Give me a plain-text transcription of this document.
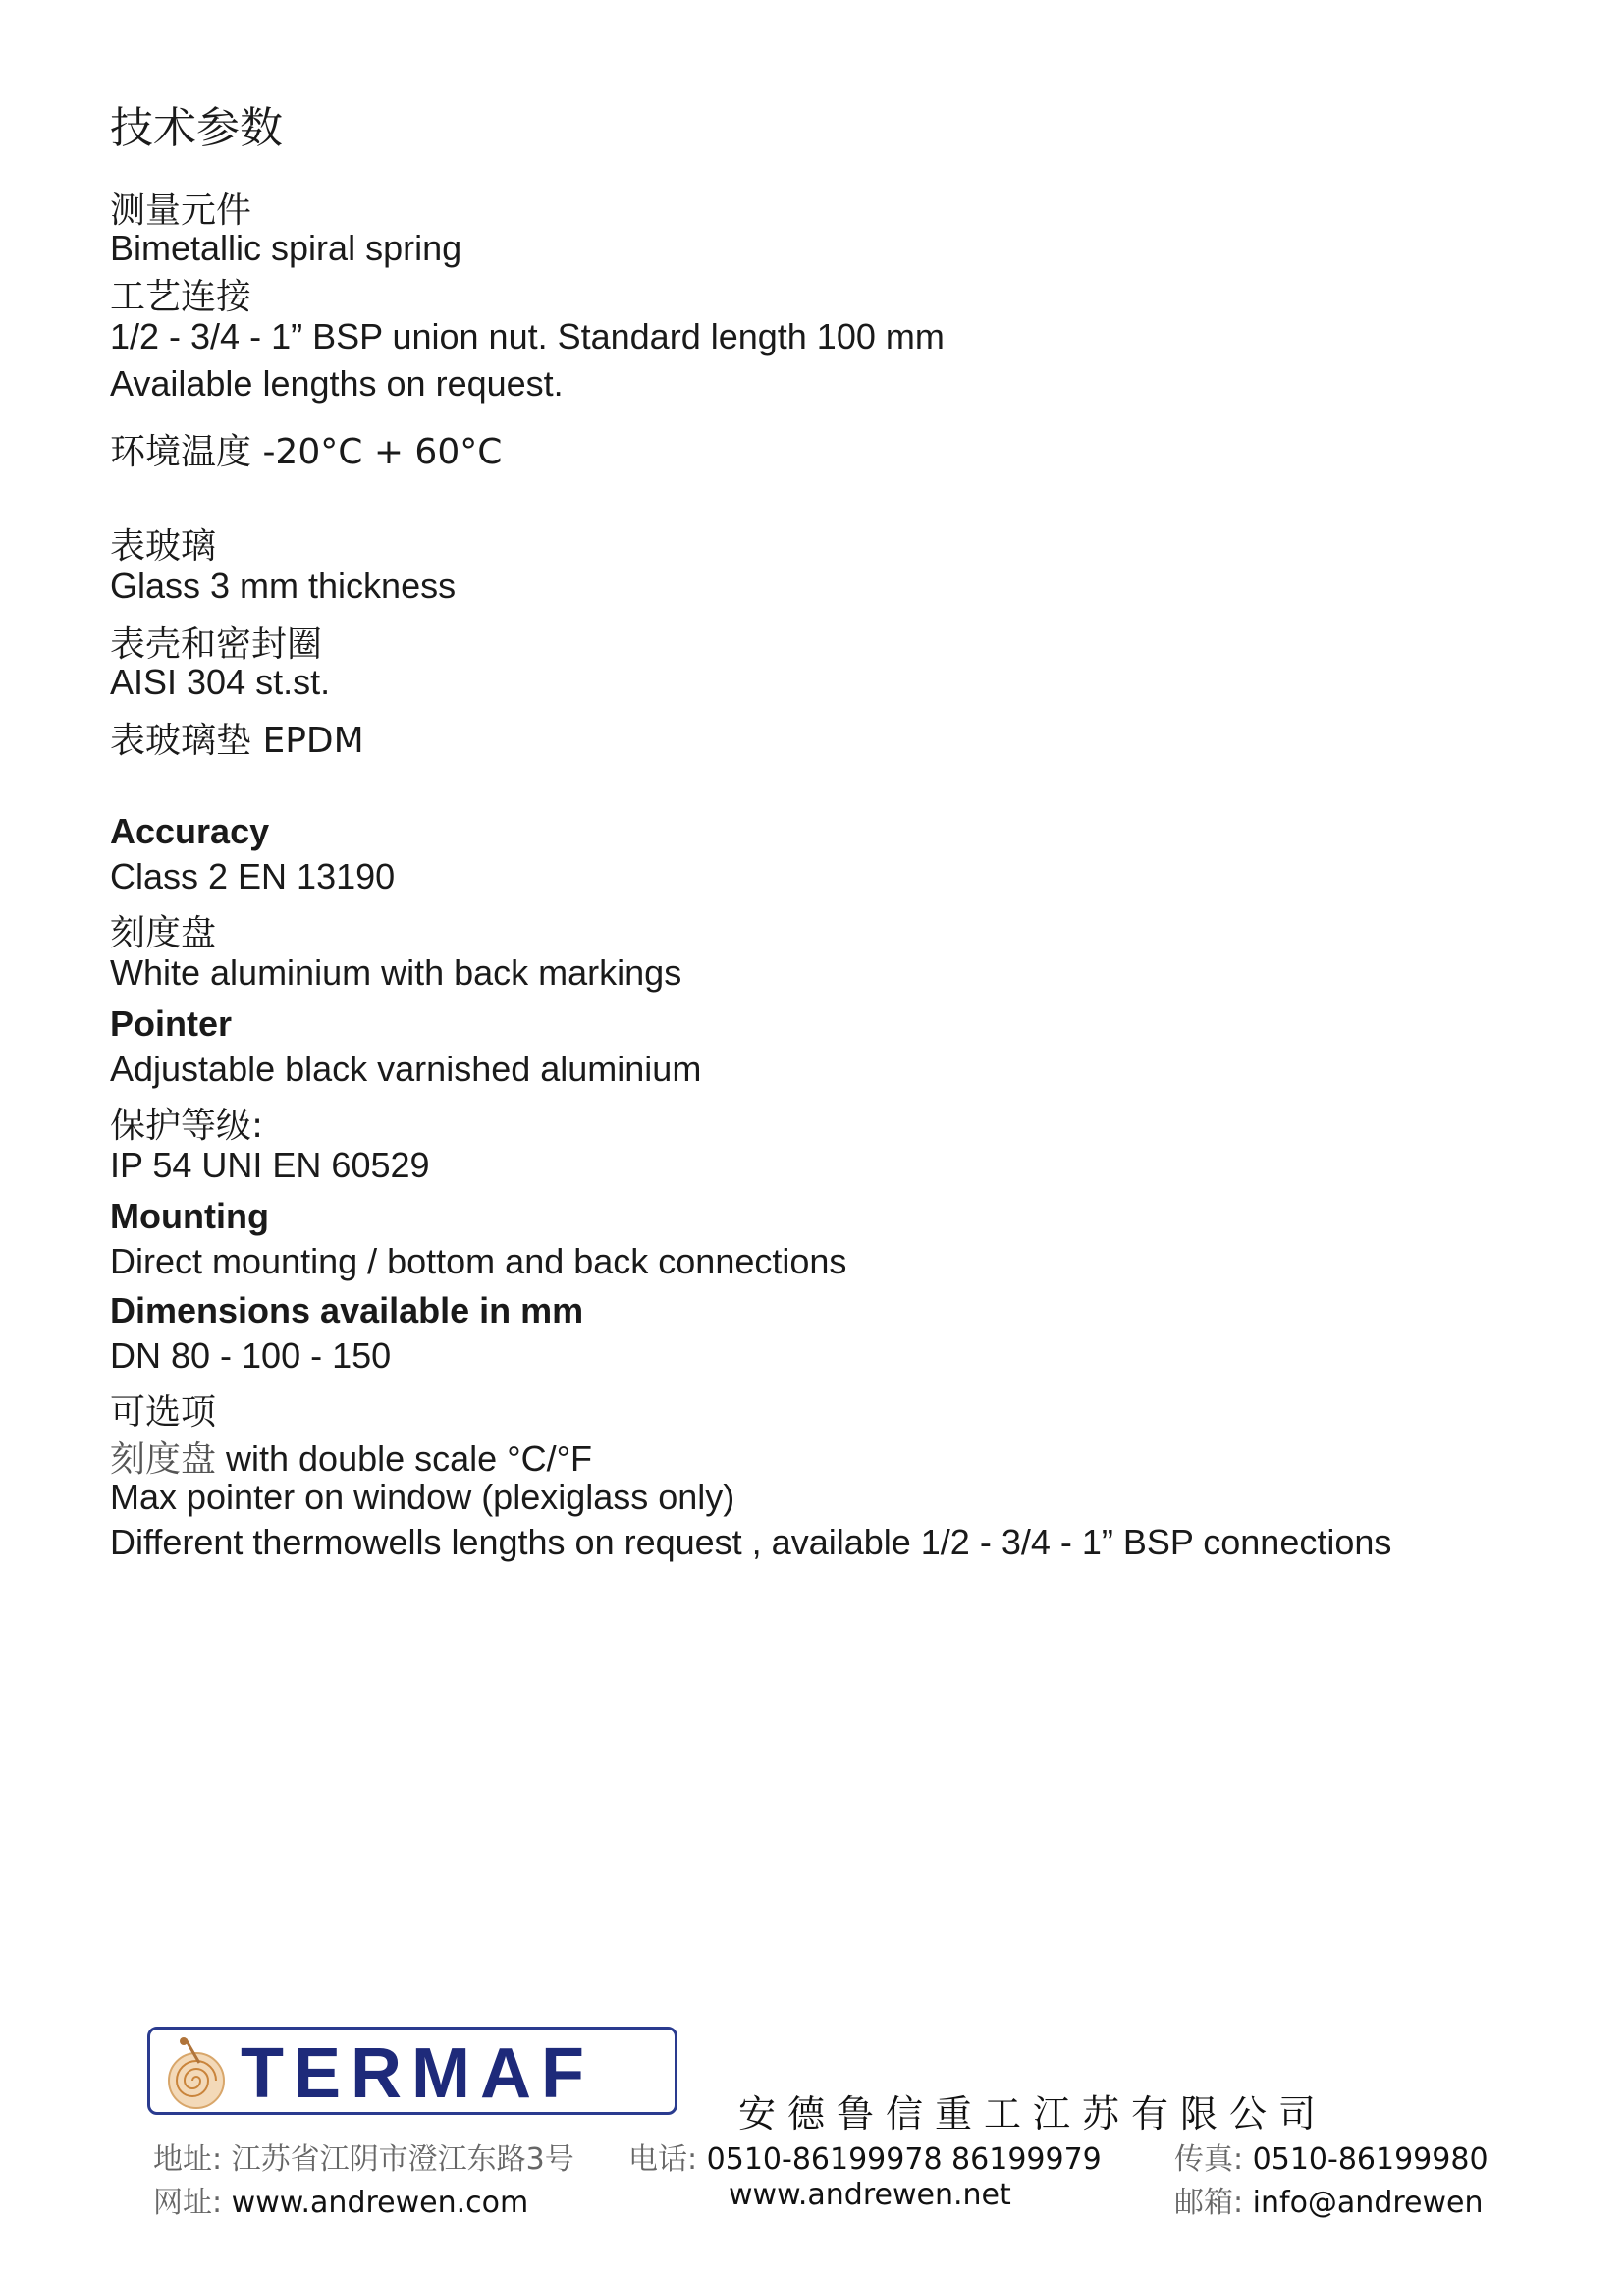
技术参数
测量元件
Bimetallic spiral spring
工艺连接
1/2 - 3/4 - 1” BSP union nut. Standard length 100 mm
Available lengths on request.
环境温度 -20°C + 60°C
表玻璃
Glass 3 mm thickness
表壳和密封圈
AISI 304 st.st.
表玻璃垫 EPDM
Accuracy
Class 2 EN 13190
刻度盘
White aluminium with back markings
Pointer
Adjustable black varnished aluminium
保护等级:
IP 54 UNI EN 60529
Mounting
Direct mounting / bottom and back connections
Dimensions available in mm
DN 80 - 100 - 150
可选项
刻度盘 with double scale °C/°F
Max pointer on window (plexiglass only)
Different thermowells lengths on request , available 1/2 - 3/4 - 1” BSP connections
TERMAF
安德鲁信重工江苏有限公司
地址: 江苏省江阴市澄江东路3号 电话: 0510-86199978 86199979 传真: 0510-86199980
网址: www.andrewen.com	www.andrewen.net	邮箱: info@andrewen
